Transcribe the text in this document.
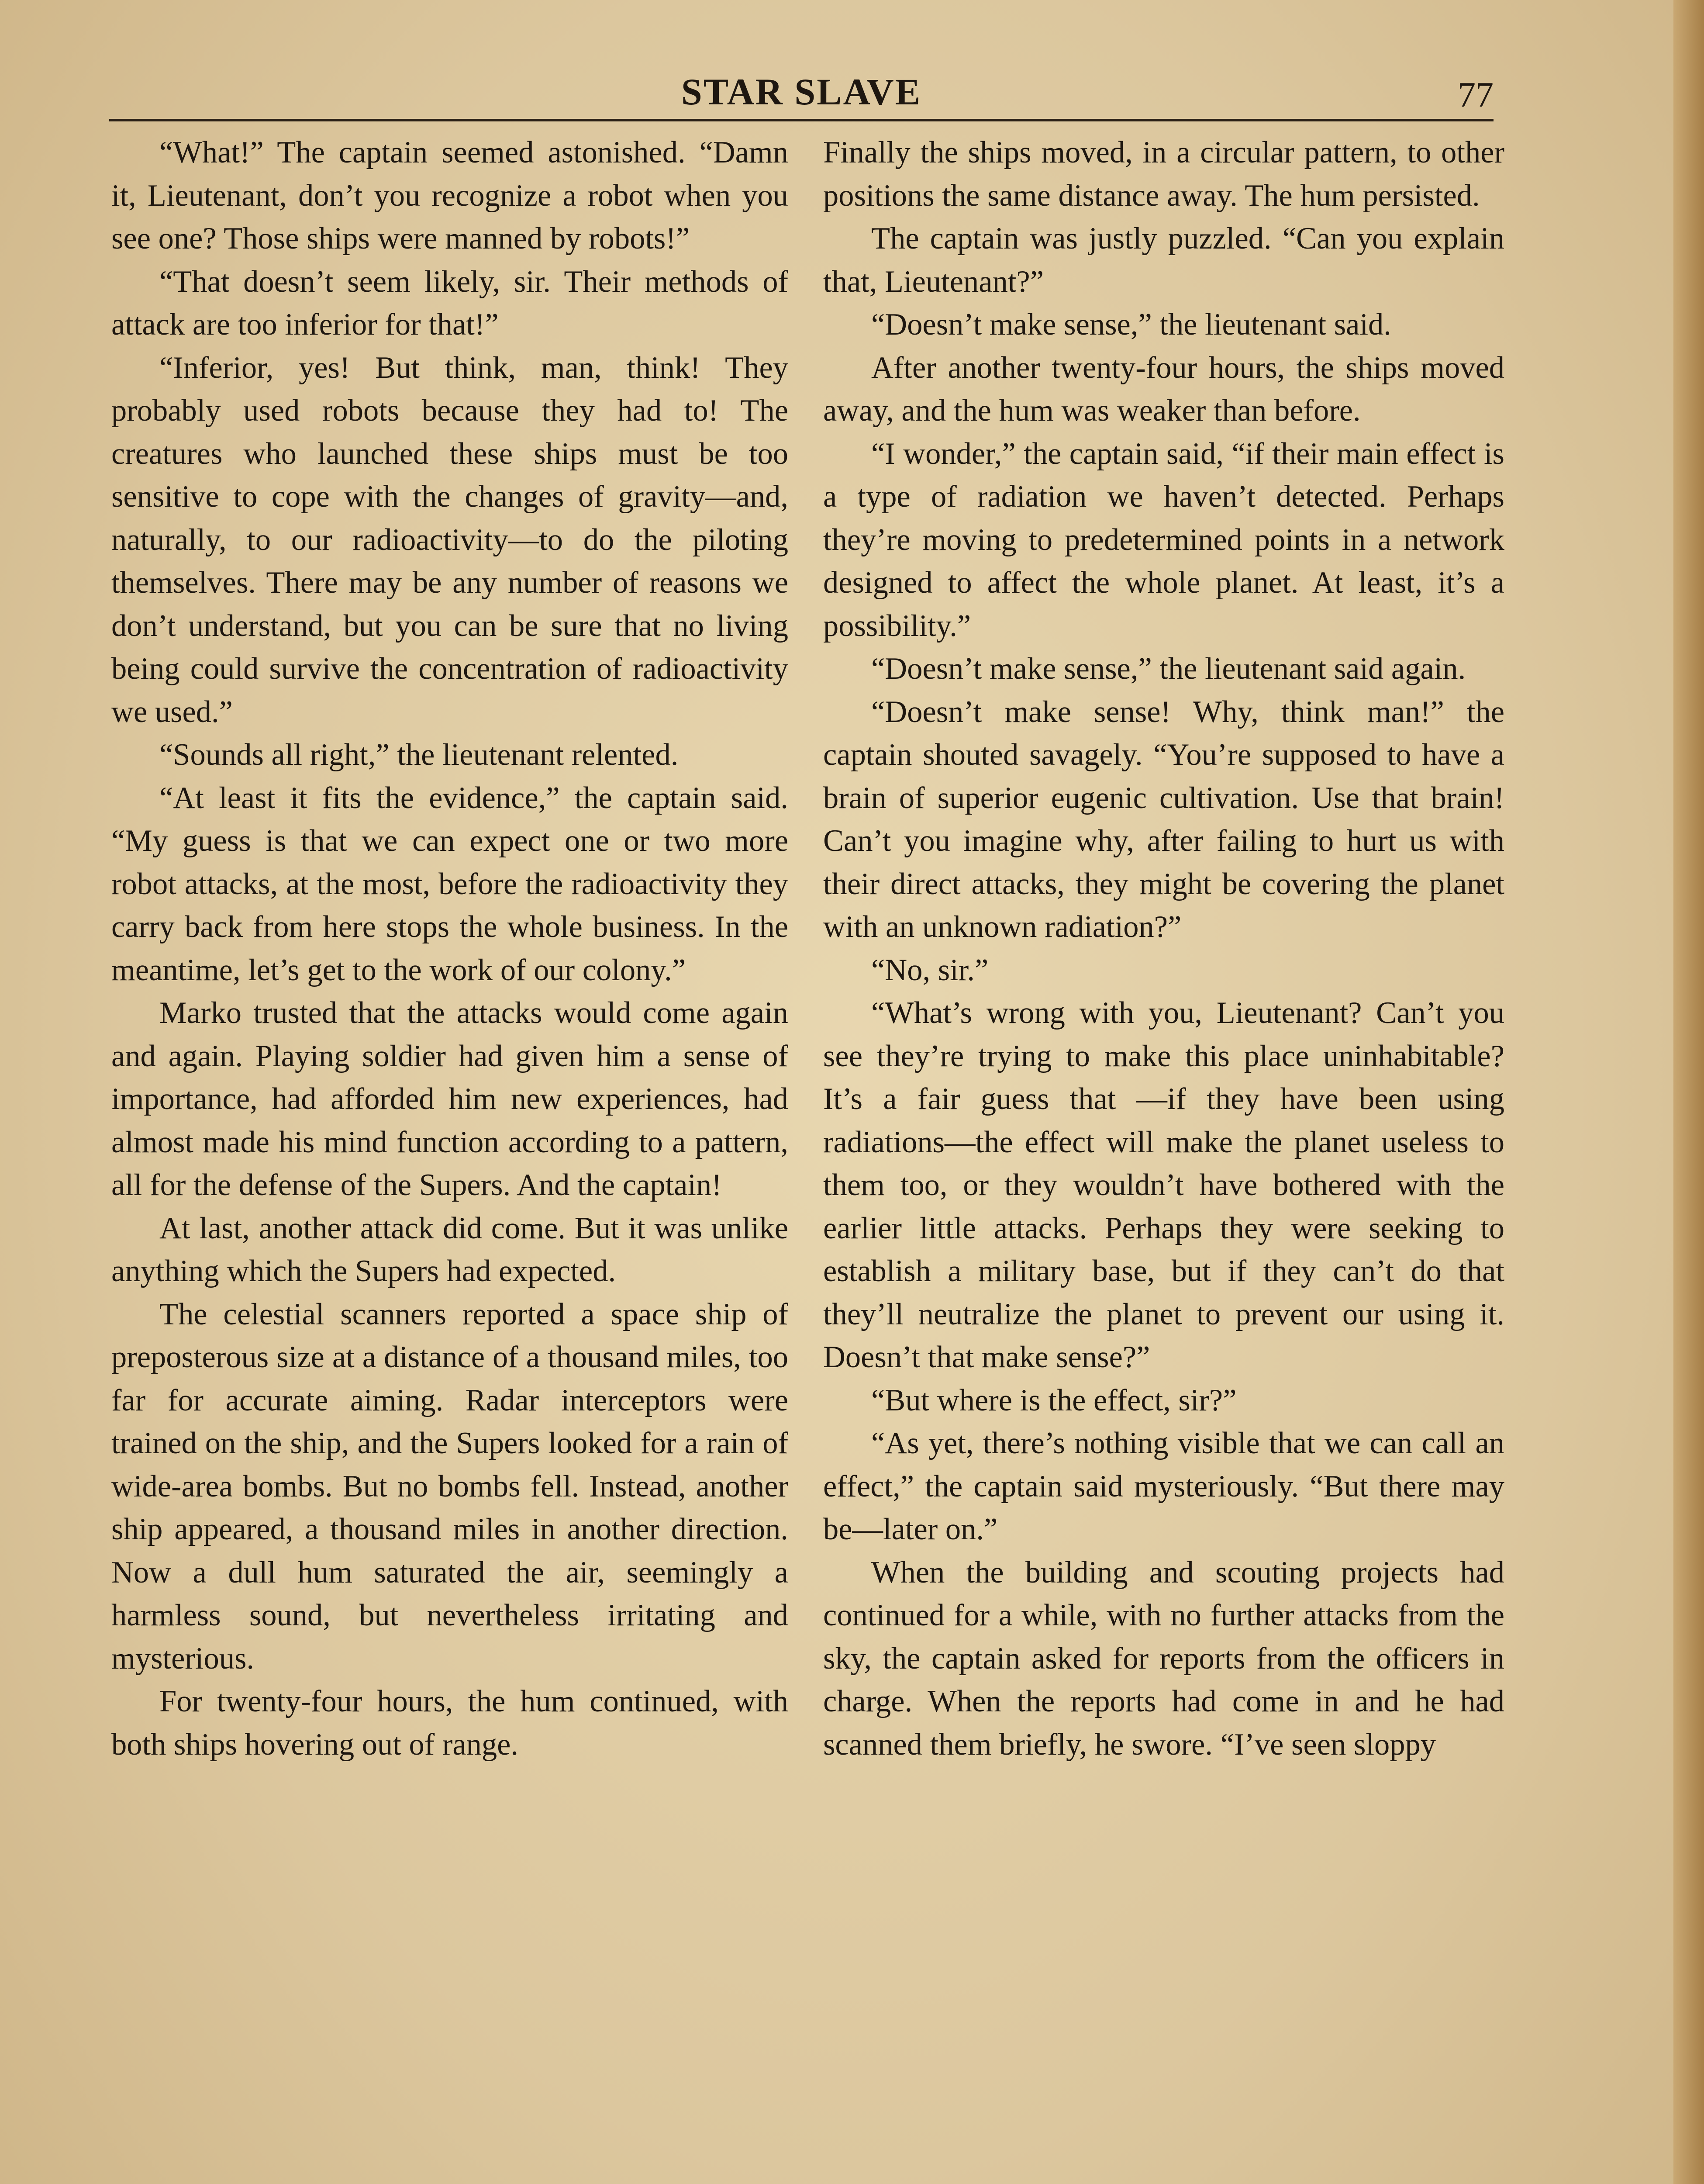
STAR SLAVE	77

“What!” The captain seemed astonished. “Damn it, Lieutenant, don’t you recognize a robot when you see one? Those ships were manned by robots!”

“That doesn’t seem likely, sir. Their methods of attack are too inferior for that!”

“Inferior, yes! But think, man, think! They probably used robots because they had to! The creatures who launched these ships must be too sensitive to cope with the changes of gravity—and, naturally, to our radioactivity—to do the piloting themselves. There may be any number of reasons we don’t understand, but you can be sure that no living being could survive the concentration of radioactivity we used.”

“Sounds all right,” the lieutenant relented.

“At least it fits the evidence,” the captain said. “My guess is that we can expect one or two more robot attacks, at the most, before the radioactivity they carry back from here stops the whole business. In the meantime, let’s get to the work of our colony.”

Marko trusted that the attacks would come again and again. Playing soldier had given him a sense of importance, had afforded him new experiences, had almost made his mind function according to a pattern, all for the defense of the Supers. And the captain!

At last, another attack did come. But it was unlike anything which the Supers had expected.

The celestial scanners reported a space ship of preposterous size at a distance of a thousand miles, too far for accurate aiming. Radar interceptors were trained on the ship, and the Supers looked for a rain of wide-area bombs. But no bombs fell. Instead, another ship appeared, a thousand miles in another direction. Now a dull hum saturated the air, seemingly a harmless sound, but nevertheless irritating and mysterious.

For twenty-four hours, the hum continued, with both ships hovering out of range.

Finally the ships moved, in a circular pattern, to other positions the same distance away. The hum persisted.

The captain was justly puzzled. “Can you explain that, Lieutenant?”

“Doesn’t make sense,” the lieutenant said.

After another twenty-four hours, the ships moved away, and the hum was weaker than before.

“I wonder,” the captain said, “if their main effect is a type of radiation we haven’t detected. Perhaps they’re moving to predetermined points in a network designed to affect the whole planet. At least, it’s a possibility.”

“Doesn’t make sense,” the lieutenant said again.

“Doesn’t make sense! Why, think man!” the captain shouted savagely. “You’re supposed to have a brain of superior eugenic cultivation. Use that brain! Can’t you imagine why, after failing to hurt us with their direct attacks, they might be covering the planet with an unknown radiation?”

“No, sir.”

“What’s wrong with you, Lieutenant? Can’t you see they’re trying to make this place uninhabitable? It’s a fair guess that —if they have been using radiations—the effect will make the planet useless to them too, or they wouldn’t have bothered with the earlier little attacks. Perhaps they were seeking to establish a military base, but if they can’t do that they’ll neutralize the planet to prevent our using it. Doesn’t that make sense?”

“But where is the effect, sir?”

“As yet, there’s nothing visible that we can call an effect,” the captain said mysteriously. “But there may be—later on.”

When the building and scouting projects had continued for a while, with no further attacks from the sky, the captain asked for reports from the officers in charge. When the reports had come in and he had scanned them briefly, he swore. “I’ve seen sloppy
